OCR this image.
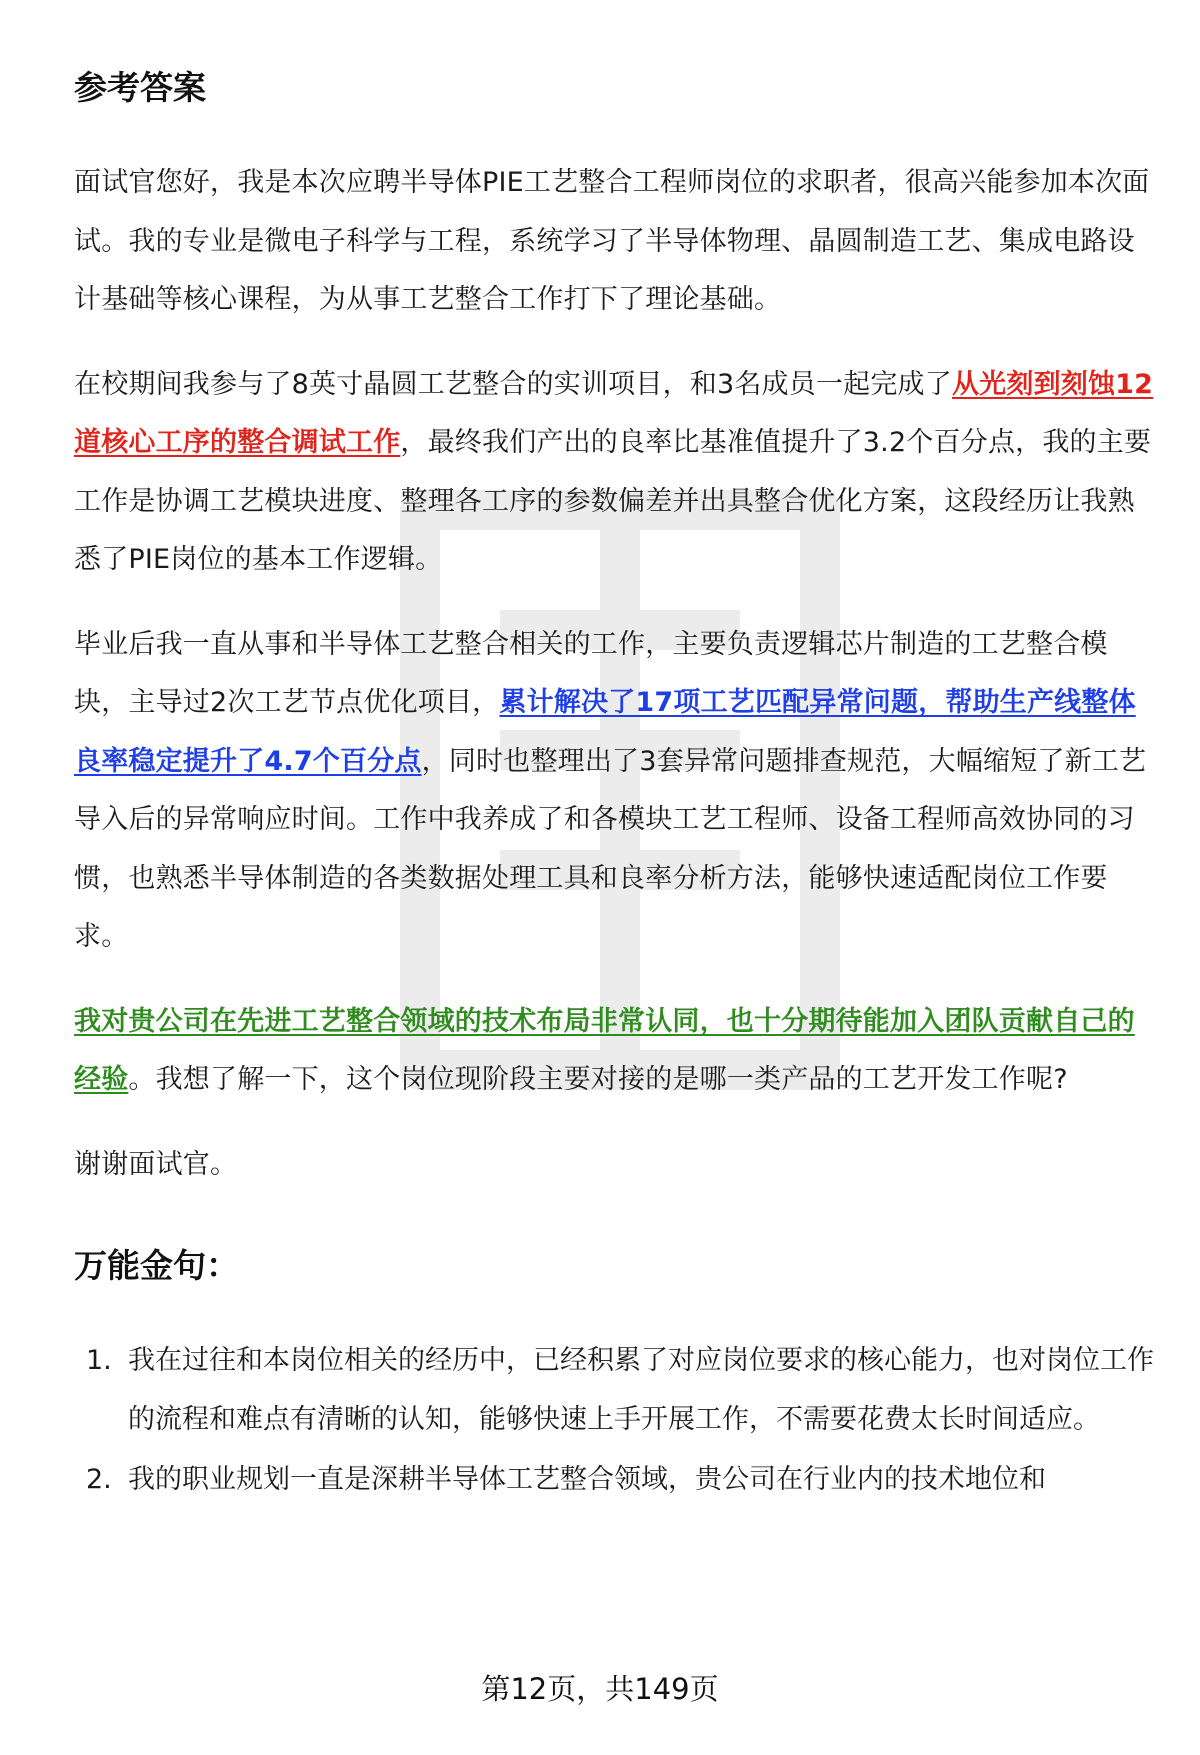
参考答案

面试官您好，我是本次应聘半导体PIE工艺整合工程师岗位的求职者，很高兴能参加本次面试。我的专业是微电子科学与工程，系统学习了半导体物理、晶圆制造工艺、集成电路设计基础等核心课程，为从事工艺整合工作打下了理论基础。

在校期间我参与了8英寸晶圆工艺整合的实训项目，和3名成员一起完成了从光刻到刻蚀12道核心工序的整合调试工作，最终我们产出的良率比基准值提升了3.2个百分点，我的主要工作是协调工艺模块进度、整理各工序的参数偏差并出具整合优化方案，这段经历让我熟悉了PIE岗位的基本工作逻辑。

毕业后我一直从事和半导体工艺整合相关的工作，主要负责逻辑芯片制造的工艺整合模块，主导过2次工艺节点优化项目，累计解决了17项工艺匹配异常问题，帮助生产线整体良率稳定提升了4.7个百分点，同时也整理出了3套异常问题排查规范，大幅缩短了新工艺导入后的异常响应时间。工作中我养成了和各模块工艺工程师、设备工程师高效协同的习惯，也熟悉半导体制造的各类数据处理工具和良率分析方法，能够快速适配岗位工作要求。

我对贵公司在先进工艺整合领域的技术布局非常认同，也十分期待能加入团队贡献自己的经验。我想了解一下，这个岗位现阶段主要对接的是哪一类产品的工艺开发工作呢?

谢谢面试官。

万能金句：
1. 我在过往和本岗位相关的经历中，已经积累了对应岗位要求的核心能力，也对岗位工作的流程和难点有清晰的认知，能够快速上手开展工作，不需要花费太长时间适应。
2. 我的职业规划一直是深耕半导体工艺整合领域，贵公司在行业内的技术地位和
第12页，共149页
